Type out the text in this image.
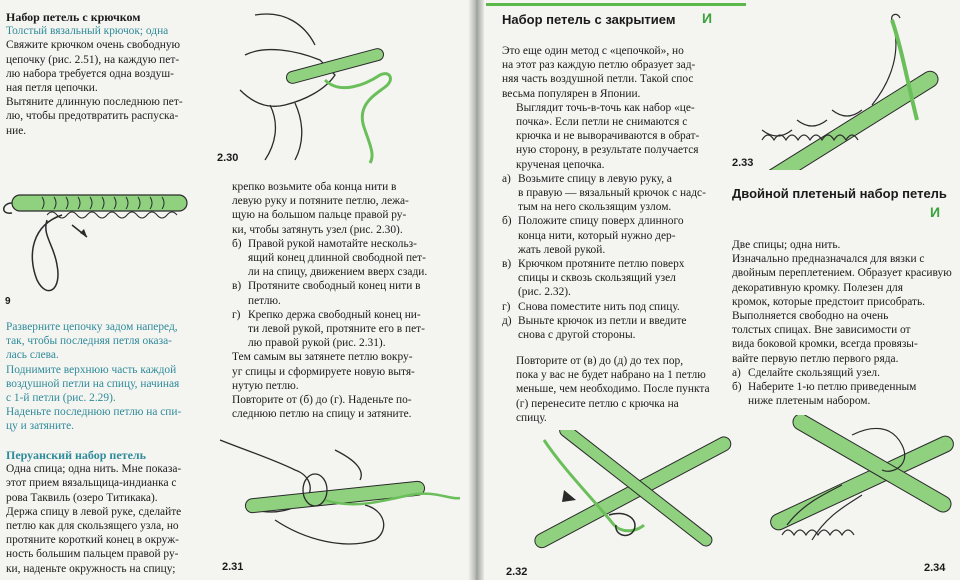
Набор петель с крючком

Толстый вязальный крючок; одна

Свяжите крючком очень свободную

цепочку (рис. 2.51), на каждую пет-

лю набора требуется одна воздуш-

ная петля цепочки.

Вытяните длинную последнюю пет-

лю, чтобы предотвратить распуска-

ние.

9

Разверните цепочку задом наперед,

так, чтобы последняя петля оказа-

лась слева.

Поднимите верхнюю часть каждой

воздушной петли на спицу, начиная

с 1-й петли (рис. 2.29).

Наденьте последнюю петлю на спи-

цу и затяните.

Перуанский набор петель

Одна спица; одна нить. Мне показа-

этот прием вязальщица-индианка с

рова Таквиль (озеро Титикака).

Держа спицу в левой руке, сделайте

петлю как для скользящего узла, но

протяните короткий конец в окруж-

ность большим пальцем правой ру-

ки, наденьте окружность на спицу;

2.30

крепко возьмите оба конца нити в

левую руку и потяните петлю, лежа-

щую на большом пальце правой ру-

ки, чтобы затянуть узел (рис. 2.30).

б) Правой рукой намотайте нескольз-
ящий конец длинной свободной пет-
ли на спицу, движением вверх сзади.
в) Протяните свободный конец нити в
петлю.
г) Крепко держа свободный конец ни-
ти левой рукой, протяните его в пет-
лю правой рукой (рис. 2.31).

Тем самым вы затянете петлю вокру-

уг спицы и сформируете новую вытя-

нутую петлю.

Повторите от (б) до (г). Наденьте по-

следнюю петлю на спицу и затяните.

2.31
Набор петель с закрытием И

Это еще один метод с «цепочкой», но

на этот раз каждую петлю образует зад-

няя часть воздушной петли. Такой спос

весьма популярен в Японии.

Выглядит точь-в-точь как набор «це-

почка». Если петли не снимаются с

крючка и не выворачиваются в обрат-

ную сторону, в результате получается

крученая цепочка.

а) Возьмите спицу в левую руку, а
в правую — вязальный крючок с надс-
тым на него скользящим узлом.
б) Положите спицу поверх длинного
конца нити, который нужно дер-
жать левой рукой.
в) Крючком протяните петлю поверх
спицы и сквозь скользящий узел
(рис. 2.32).
г) Снова поместите нить под спицу.
д) Выньте крючок из петли и введите
снова с другой стороны.

Повторите от (в) до (д) до тех пор,

пока у вас не будет набрано на 1 петлю

меньше, чем необходимо. После пункта

(г) перенесите петлю с крючка на

спицу.

2.33
Двойной плетеный набор петель
И

Две спицы; одна нить.

Изначально предназначался для вязки с

двойным переплетением. Образует красивую

декоративную кромку. Полезен для

кромок, которые предстоит присобрать.

Выполняется свободно на очень

толстых спицах. Вне зависимости от

вида боковой кромки, всегда провязы-

вайте первую петлю первого ряда.

а) Сделайте скользящий узел.
б) Наберите 1-ю петлю приведенным
ниже плетеным набором.
2.32	2.34
